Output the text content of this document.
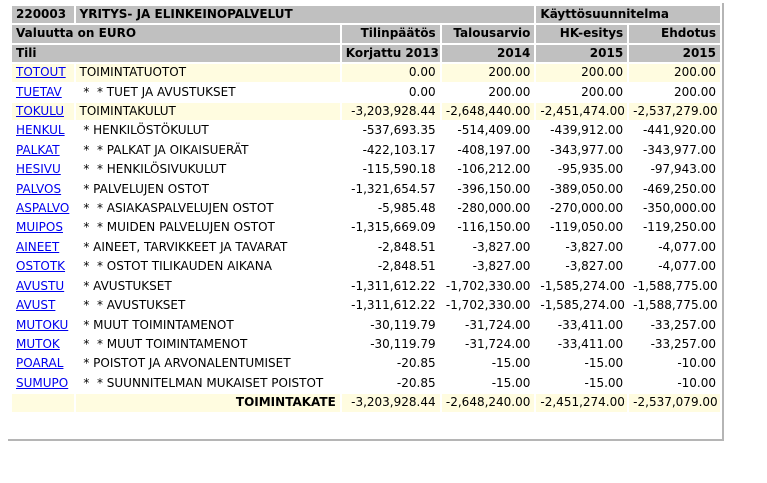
220003	YRITYS- JA ELINKEINOPALVELUT			Käyttösuunnitelma	
Valuutta on EURO		Tilinpäätös	Talousarvio	HK-esitys	Ehdotus
Tili		Korjattu 2013	2014	2015	2015
TOTOUT	TOIMINTATUOTOT	0.00	200.00	200.00	200.00
TUETAV	*  * TUET JA AVUSTUKSET	0.00	200.00	200.00	200.00
TOKULU	TOIMINTAKULUT	-3,203,928.44	-2,648,440.00	-2,451,474.00	-2,537,279.00
HENKUL	* HENKILÖSTÖKULUT	-537,693.35	-514,409.00	-439,912.00	-441,920.00
PALKAT	*  * PALKAT JA OIKAISUERÄT	-422,103.17	-408,197.00	-343,977.00	-343,977.00
HESIVU	*  * HENKILÖSIVUKULUT	-115,590.18	-106,212.00	-95,935.00	-97,943.00
PALVOS	* PALVELUJEN OSTOT	-1,321,654.57	-396,150.00	-389,050.00	-469,250.00
ASPALVO	*  * ASIAKASPALVELUJEN OSTOT	-5,985.48	-280,000.00	-270,000.00	-350,000.00
MUIPOS	*  * MUIDEN PALVELUJEN OSTOT	-1,315,669.09	-116,150.00	-119,050.00	-119,250.00
AINEET	* AINEET, TARVIKKEET JA TAVARAT	-2,848.51	-3,827.00	-3,827.00	-4,077.00
OSTOTK	*  * OSTOT TILIKAUDEN AIKANA	-2,848.51	-3,827.00	-3,827.00	-4,077.00
AVUSTU	* AVUSTUKSET	-1,311,612.22	-1,702,330.00	-1,585,274.00	-1,588,775.00
AVUST	*  * AVUSTUKSET	-1,311,612.22	-1,702,330.00	-1,585,274.00	-1,588,775.00
MUTOKU	* MUUT TOIMINTAMENOT	-30,119.79	-31,724.00	-33,411.00	-33,257.00
MUTOK	*  * MUUT TOIMINTAMENOT	-30,119.79	-31,724.00	-33,411.00	-33,257.00
POARAL	* POISTOT JA ARVONALENTUMISET	-20.85	-15.00	-15.00	-10.00
SUMUPO	*  * SUUNNITELMAN MUKAISET POISTOT	-20.85	-15.00	-15.00	-10.00
	TOIMINTAKATE	-3,203,928.44	-2,648,240.00	-2,451,274.00	-2,537,079.00
